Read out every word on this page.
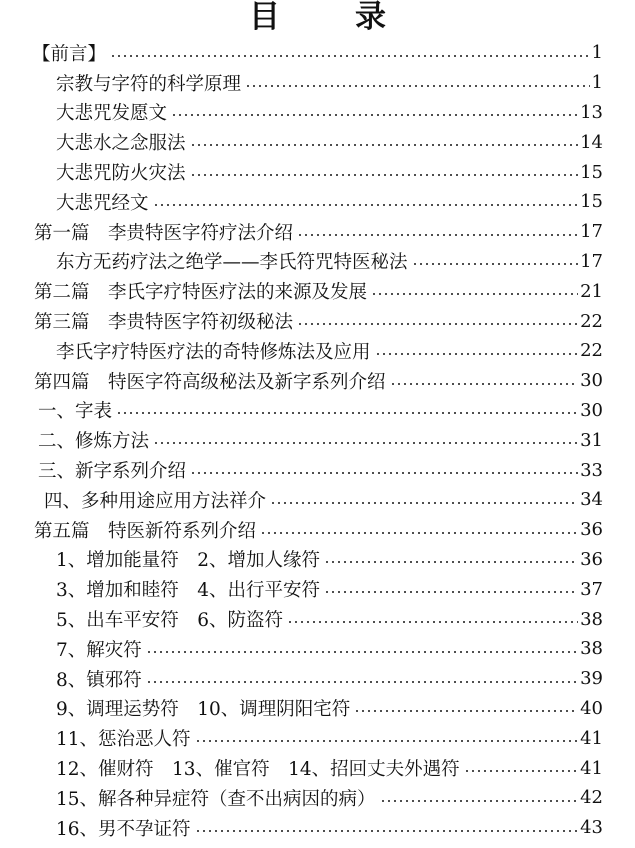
目　录
【前言】	1
宗教与字符的科学原理	1
大悲咒发愿文	13
大悲水之念服法	14
大悲咒防火灾法	15
大悲咒经文	15
第一篇　李贵特医字符疗法介绍	17
东方无药疗法之绝学——李氏符咒特医秘法	17
第二篇　李氏字疗特医疗法的来源及发展	21
第三篇　李贵特医字符初级秘法	22
李氏字疗特医疗法的奇特修炼法及应用	22
第四篇　特医字符高级秘法及新字系列介绍	30
一、字表	30
二、修炼方法	31
三、新字系列介绍	33
四、多种用途应用方法祥介	34
第五篇　特医新符系列介绍	36
1、增加能量符　2、增加人缘符	36
3、增加和睦符　4、出行平安符	37
5、出车平安符　6、防盗符	38
7、解灾符	38
8、镇邪符	39
9、调理运势符　10、调理阴阳宅符	40
11、惩治恶人符	41
12、催财符　13、催官符　14、招回丈夫外遇符	41
15、解各种异症符（查不出病因的病）	42
16、男不孕证符	43
